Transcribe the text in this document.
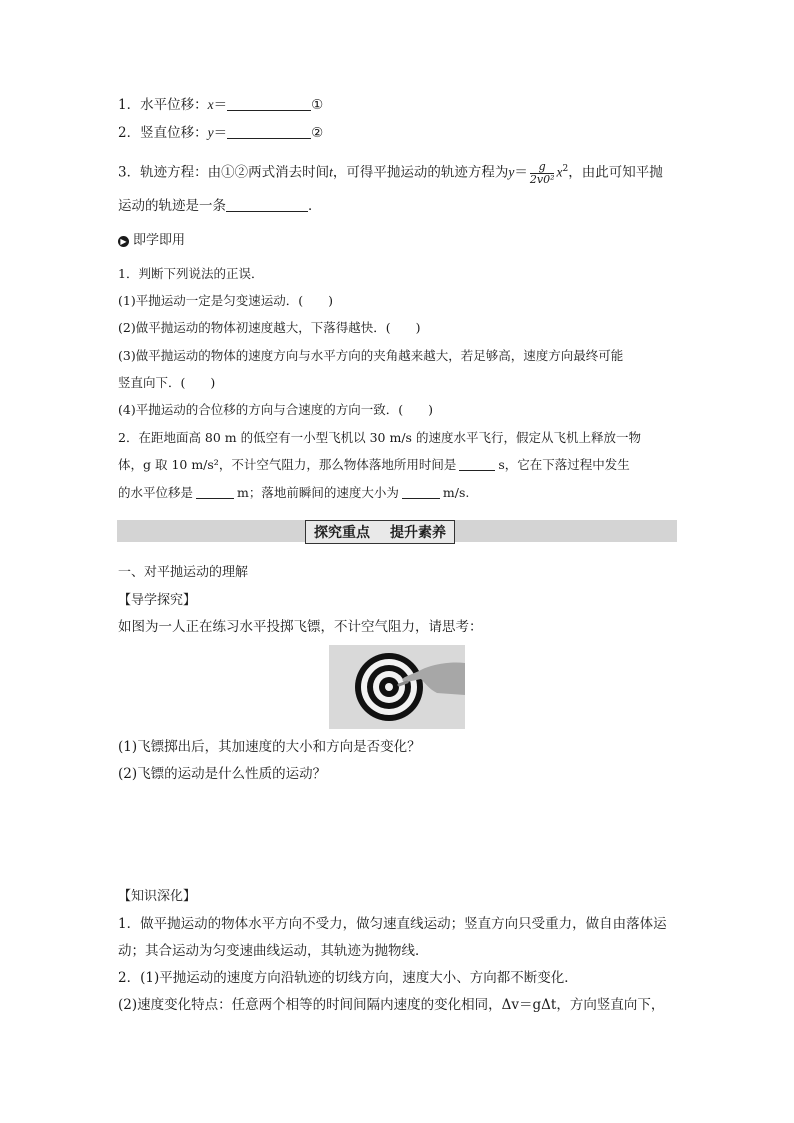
1．水平位移：x＝	①
2．竖直位移：y＝	②
3．轨迹方程：由①②两式消去时间t，可得平抛运动的轨迹方程为$y= \frac{g}{\text{2v0²}} x^2$，由此可知平抛
运动的轨迹是一条	．
▶ 即学即用
1．判断下列说法的正误．
(1)平抛运动一定是匀变速运动．(　　)
(2)做平抛运动的物体初速度越大，下落得越快．(　　)
(3)做平抛运动的物体的速度方向与水平方向的夹角越来越大，若足够高，速度方向最终可能
竖直向下．(　　)
(4)平抛运动的合位移的方向与合速度的方向一致．(　　)
2．在距地面高 80 m 的低空有一小型飞机以 30 m/s 的速度水平飞行，假定从飞机上释放一物
体，g 取 10 m/s²，不计空气阻力，那么物体落地所用时间是	s，它在下落过程中发生
的水平位移是	m；落地前瞬间的速度大小为	m/s.
探究重点 提升素养
一、对平抛运动的理解
【导学探究】
如图为一人正在练习水平投掷飞镖，不计空气阻力，请思考：
(1)飞镖掷出后，其加速度的大小和方向是否变化？
(2)飞镖的运动是什么性质的运动？
【知识深化】
1．做平抛运动的物体水平方向不受力，做匀速直线运动；竖直方向只受重力，做自由落体运
动；其合运动为匀变速曲线运动，其轨迹为抛物线．
2．(1)平抛运动的速度方向沿轨迹的切线方向，速度大小、方向都不断变化．
(2)速度变化特点：任意两个相等的时间间隔内速度的变化相同，Δv＝gΔt，方向竖直向下，
